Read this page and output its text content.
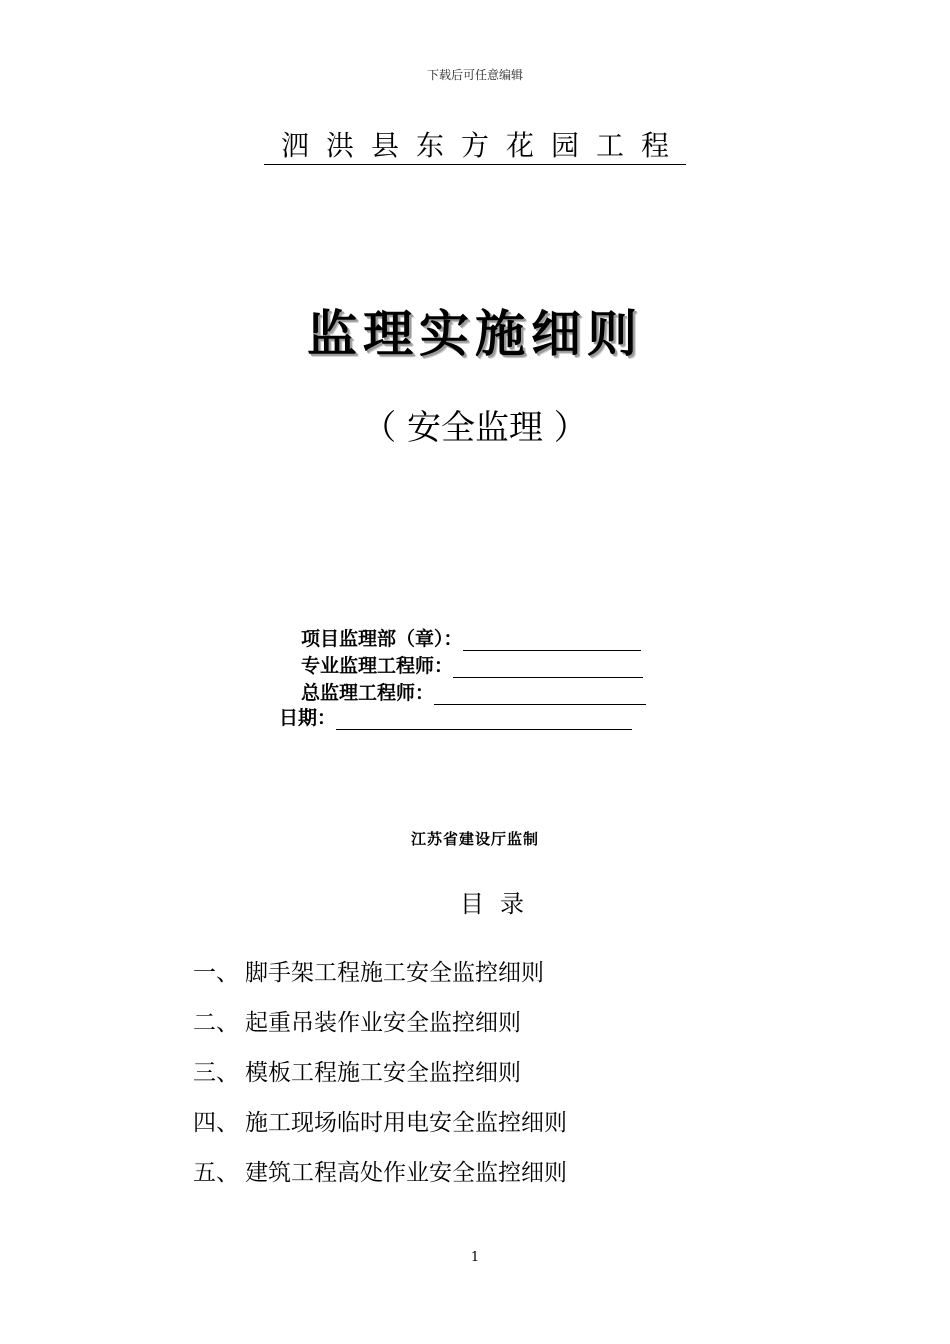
下载后可任意编辑
泗洪县东方花园工程
监理实施细则
（ 安全监理 ）
项目监理部（章）：
专业监理工程师：
总监理工程师：
日期：
江苏省建设厅监制
目录
一、 脚手架工程施工安全监控细则
二、 起重吊装作业安全监控细则
三、 模板工程施工安全监控细则
四、 施工现场临时用电安全监控细则
五、 建筑工程高处作业安全监控细则
1
